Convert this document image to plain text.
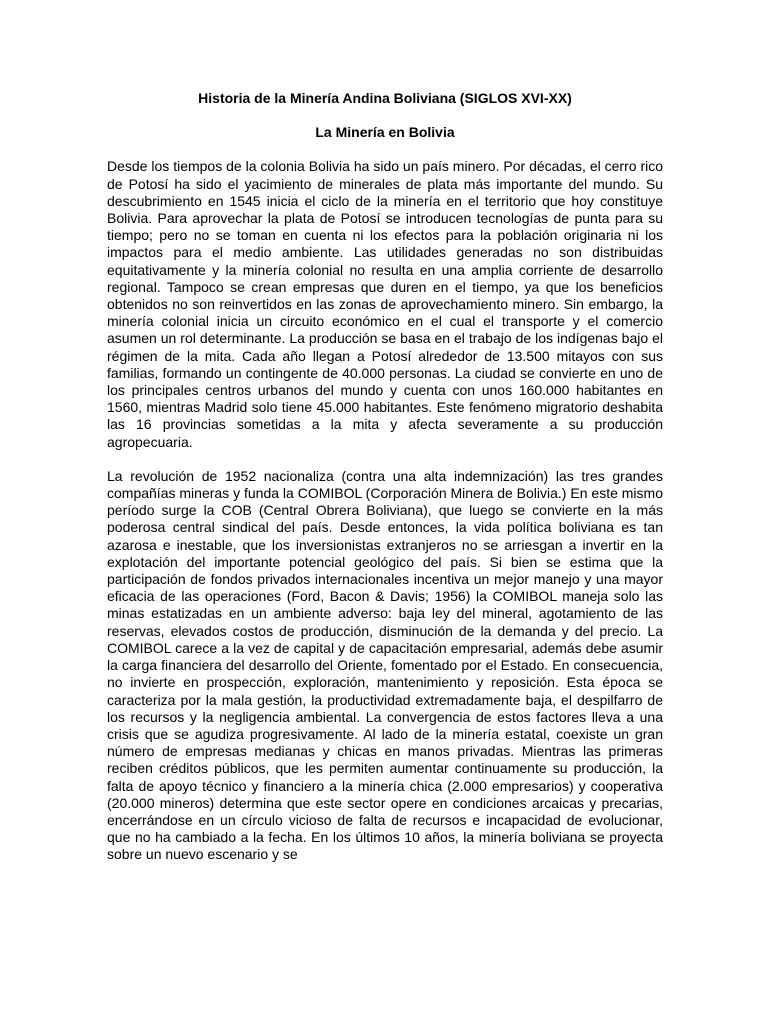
Historia de la Minería Andina Boliviana (SIGLOS XVI-XX)
La Minería en Bolivia
Desde los tiempos de la colonia Bolivia ha sido un país minero. Por décadas, el cerro rico de Potosí ha sido el yacimiento de minerales de plata más importante del mundo. Su descubrimiento en 1545 inicia el ciclo de la minería en el territorio que hoy constituye Bolivia. Para aprovechar la plata de Potosí se introducen tecnologías de punta para su tiempo; pero no se toman en cuenta ni los efectos para la población originaria ni los impactos para el medio ambiente. Las utilidades generadas no son distribuidas equitativamente y la minería colonial no resulta en una amplia corriente de desarrollo regional. Tampoco se crean empresas que duren en el tiempo, ya que los beneficios obtenidos no son reinvertidos en las zonas de aprovechamiento minero. Sin embargo, la minería colonial inicia un circuito económico en el cual el transporte y el comercio asumen un rol determinante. La producción se basa en el trabajo de los indígenas bajo el régimen de la mita. Cada año llegan a Potosí alrededor de 13.500 mitayos con sus familias, formando un contingente de 40.000 personas. La ciudad se convierte en uno de los principales centros urbanos del mundo y cuenta con unos 160.000 habitantes en 1560, mientras Madrid solo tiene 45.000 habitantes. Este fenómeno migratorio deshabita las 16 provincias sometidas a la mita y afecta severamente a su producción agropecuaria.
La revolución de 1952 nacionaliza (contra una alta indemnización) las tres grandes compañías mineras y funda la COMIBOL (Corporación Minera de Bolivia.) En este mismo período surge la COB (Central Obrera Boliviana), que luego se convierte en la más poderosa central sindical del país. Desde entonces, la vida política boliviana es tan azarosa e inestable, que los inversionistas extranjeros no se arriesgan a invertir en la explotación del importante potencial geológico del país. Si bien se estima que la participación de fondos privados internacionales incentiva un mejor manejo y una mayor eficacia de las operaciones (Ford, Bacon & Davis; 1956) la COMIBOL maneja solo las minas estatizadas en un ambiente adverso: baja ley del mineral, agotamiento de las reservas, elevados costos de producción, disminución de la demanda y del precio. La COMIBOL carece a la vez de capital y de capacitación empresarial, además debe asumir la carga financiera del desarrollo del Oriente, fomentado por el Estado. En consecuencia, no invierte en prospección, exploración, mantenimiento y reposición. Esta época se caracteriza por la mala gestión, la productividad extremadamente baja, el despilfarro de los recursos y la negligencia ambiental. La convergencia de estos factores lleva a una crisis que se agudiza progresivamente. Al lado de la minería estatal, coexiste un gran número de empresas medianas y chicas en manos privadas. Mientras las primeras reciben créditos públicos, que les permiten aumentar continuamente su producción, la falta de apoyo técnico y financiero a la minería chica (2.000 empresarios) y cooperativa (20.000 mineros) determina que este sector opere en condiciones arcaicas y precarias, encerrándose en un círculo vicioso de falta de recursos e incapacidad de evolucionar, que no ha cambiado a la fecha. En los últimos 10 años, la minería boliviana se proyecta sobre un nuevo escenario y se
